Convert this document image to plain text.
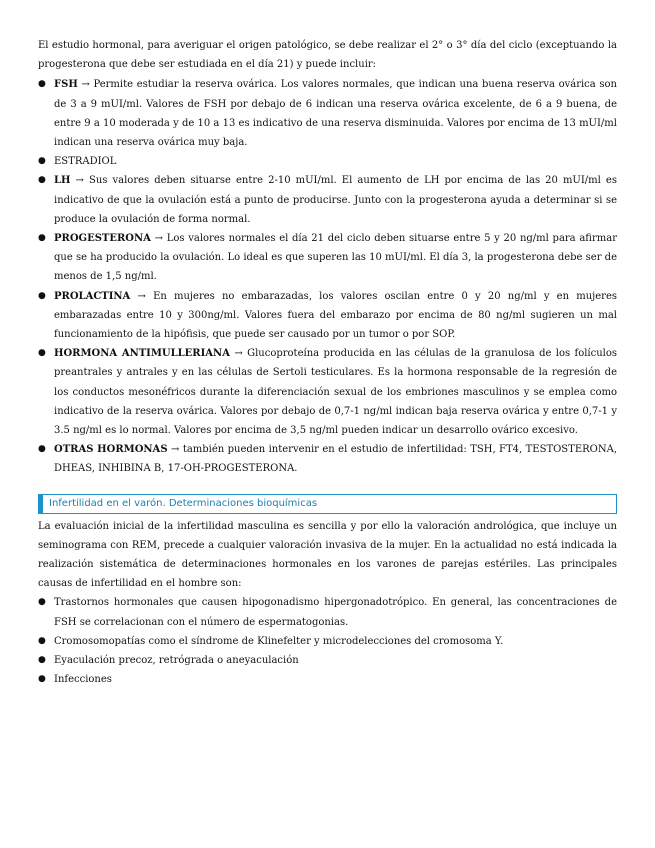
El estudio hormonal, para averiguar el origen patológico, se debe realizar el 2° o 3° día del ciclo (exceptuando la progesterona que debe ser estudiada en el día 21) y puede incluir:

● FSH → Permite estudiar la reserva ovárica. Los valores normales, que indican una buena reserva ovárica son de 3 a 9 mUI/ml. Valores de FSH por debajo de 6 indican una reserva ovárica excelente, de 6 a 9 buena, de entre 9 a 10 moderada y de 10 a 13 es indicativo de una reserva disminuida. Valores por encima de 13 mUI/ml indican una reserva ovárica muy baja.
● ESTRADIOL
● LH → Sus valores deben situarse entre 2-10 mUI/ml. El aumento de LH por encima de las 20 mUI/ml es indicativo de que la ovulación está a punto de producirse. Junto con la progesterona ayuda a determinar si se produce la ovulación de forma normal.
● PROGESTERONA → Los valores normales el día 21 del ciclo deben situarse entre 5 y 20 ng/ml para afirmar que se ha producido la ovulación. Lo ideal es que superen las 10 mUI/ml. El día 3, la progesterona debe ser de menos de 1,5 ng/ml.
● PROLACTINA → En mujeres no embarazadas, los valores oscilan entre 0 y 20 ng/ml y en mujeres embarazadas entre 10 y 300ng/ml. Valores fuera del embarazo por encima de 80 ng/ml sugieren un mal funcionamiento de la hipófisis, que puede ser causado por un tumor o por SOP.
● HORMONA ANTIMULLERIANA → Glucoproteína producida en las células de la granulosa de los folículos preantrales y antrales y en las células de Sertoli testiculares. Es la hormona responsable de la regresión de los conductos mesonéfricos durante la diferenciación sexual de los embriones masculinos y se emplea como indicativo de la reserva ovárica. Valores por debajo de 0,7-1 ng/ml indican baja reserva ovárica y entre 0,7-1 y 3.5 ng/ml es lo normal. Valores por encima de 3,5 ng/ml pueden indicar un desarrollo ovárico excesivo.
● OTRAS HORMONAS → también pueden intervenir en el estudio de infertilidad: TSH, FT4, TESTOSTERONA, DHEAS, INHIBINA B, 17-OH-PROGESTERONA.
Infertilidad en el varón. Determinaciones bioquímicas

La evaluación inicial de la infertilidad masculina es sencilla y por ello la valoración andrológica, que incluye un seminograma con REM, precede a cualquier valoración invasiva de la mujer. En la actualidad no está indicada la realización sistemática de determinaciones hormonales en los varones de parejas estériles. Las principales causas de infertilidad en el hombre son:

● Trastornos hormonales que causen hipogonadismo hipergonadotrópico. En general, las concentraciones de FSH se correlacionan con el número de espermatogonias.
● Cromosomopatías como el síndrome de Klinefelter y microdelecciones del cromosoma Y.
● Eyaculación precoz, retrógrada o aneyaculación
● Infecciones
